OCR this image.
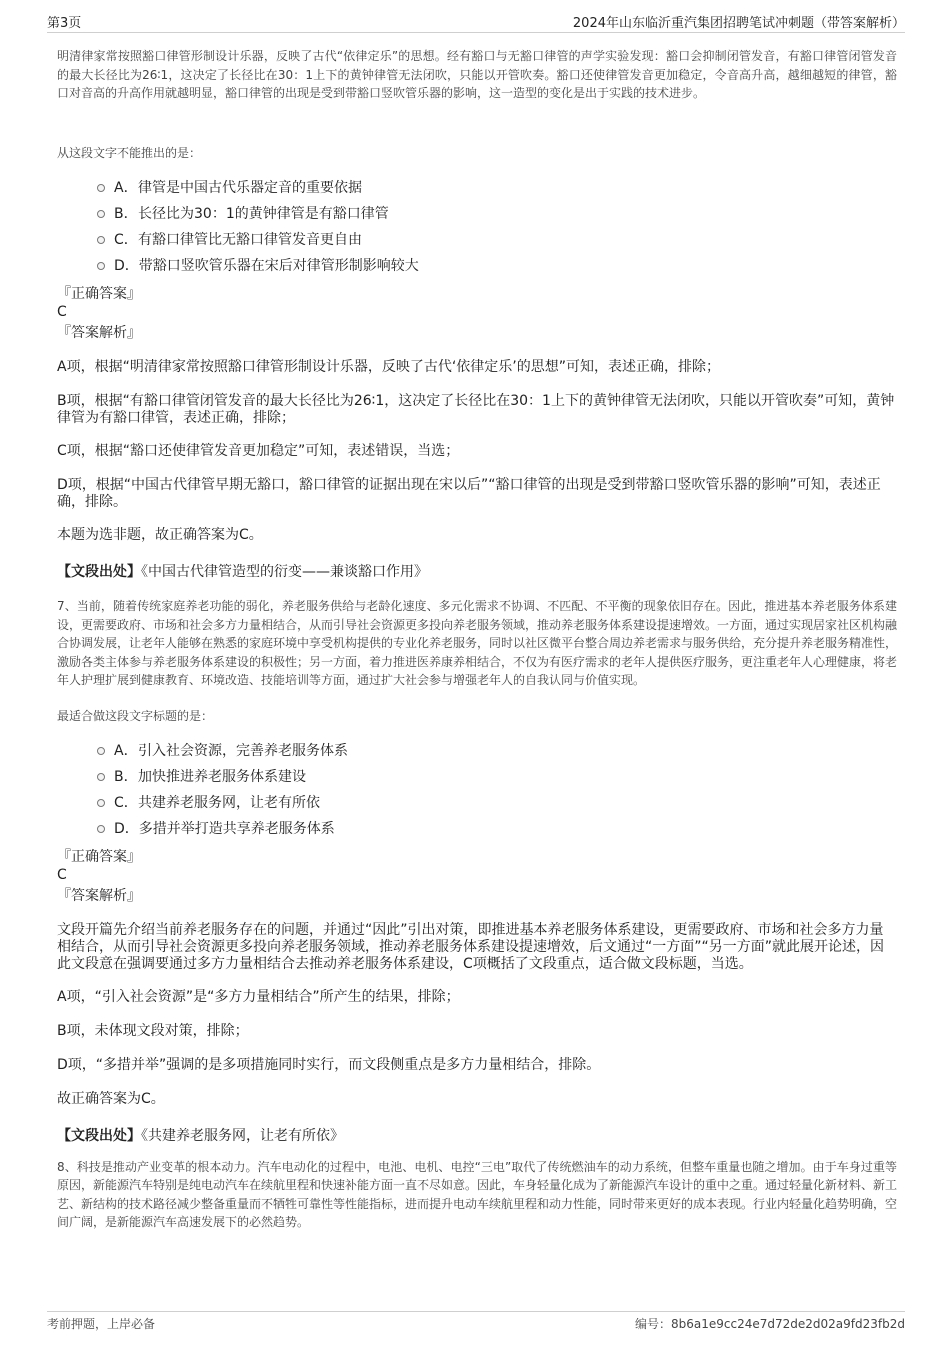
第3页	2024年山东临沂重汽集团招聘笔试冲刺题（带答案解析）

明清律家常按照豁口律管形制设计乐器，反映了古代“依律定乐”的思想。经有豁口与无豁口律管的声学实验发现：豁口会抑制闭管发音，有豁口律管闭管发音的最大长径比为26∶1，这决定了长径比在30：1上下的黄钟律管无法闭吹，只能以开管吹奏。豁口还使律管发音更加稳定，令音高升高，越细越短的律管，豁口对音高的升高作用就越明显，豁口律管的出现是受到带豁口竖吹管乐器的影响，这一造型的变化是出于实践的技术进步。

从这段文字不能推出的是：

A．律管是中国古代乐器定音的重要依据
B．长径比为30：1的黄钟律管是有豁口律管
C．有豁口律管比无豁口律管发音更自由
D．带豁口竖吹管乐器在宋后对律管形制影响较大

『正确答案』

C

『答案解析』

A项，根据“明清律家常按照豁口律管形制设计乐器，反映了古代‘依律定乐’的思想”可知，表述正确，排除；

B项，根据“有豁口律管闭管发音的最大长径比为26∶1，这决定了长径比在30：1上下的黄钟律管无法闭吹，只能以开管吹奏”可知，黄钟律管为有豁口律管，表述正确，排除；

C项，根据“豁口还使律管发音更加稳定”可知，表述错误，当选；

D项，根据“中国古代律管早期无豁口，豁口律管的证据出现在宋以后”“豁口律管的出现是受到带豁口竖吹管乐器的影响”可知，表述正确，排除。

本题为选非题，故正确答案为C。

【文段出处】《中国古代律管造型的衍变——兼谈豁口作用》

7、当前，随着传统家庭养老功能的弱化，养老服务供给与老龄化速度、多元化需求不协调、不匹配、不平衡的现象依旧存在。因此，推进基本养老服务体系建设，更需要政府、市场和社会多方力量相结合，从而引导社会资源更多投向养老服务领域，推动养老服务体系建设提速增效。一方面，通过实现居家社区机构融合协调发展，让老年人能够在熟悉的家庭环境中享受机构提供的专业化养老服务，同时以社区微平台整合周边养老需求与服务供给，充分提升养老服务精准性，激励各类主体参与养老服务体系建设的积极性；另一方面，着力推进医养康养相结合，不仅为有医疗需求的老年人提供医疗服务，更注重老年人心理健康，将老年人护理扩展到健康教育、环境改造、技能培训等方面，通过扩大社会参与增强老年人的自我认同与价值实现。

最适合做这段文字标题的是：

A．引入社会资源，完善养老服务体系
B．加快推进养老服务体系建设
C．共建养老服务网，让老有所依
D．多措并举打造共享养老服务体系

『正确答案』

C

『答案解析』

文段开篇先介绍当前养老服务存在的问题，并通过“因此”引出对策，即推进基本养老服务体系建设，更需要政府、市场和社会多方力量相结合，从而引导社会资源更多投向养老服务领域，推动养老服务体系建设提速增效，后文通过“一方面”“另一方面”就此展开论述，因此文段意在强调要通过多方力量相结合去推动养老服务体系建设，C项概括了文段重点，适合做文段标题，当选。

A项，“引入社会资源”是“多方力量相结合”所产生的结果，排除；

B项，未体现文段对策，排除；

D项，“多措并举”强调的是多项措施同时实行，而文段侧重点是多方力量相结合，排除。

故正确答案为C。

【文段出处】《共建养老服务网，让老有所依》

8、科技是推动产业变革的根本动力。汽车电动化的过程中，电池、电机、电控“三电”取代了传统燃油车的动力系统，但整车重量也随之增加。由于车身过重等原因，新能源汽车特别是纯电动汽车在续航里程和快速补能方面一直不尽如意。因此，车身轻量化成为了新能源汽车设计的重中之重。通过轻量化新材料、新工艺、新结构的技术路径减少整备重量而不牺牲可靠性等性能指标，进而提升电动车续航里程和动力性能，同时带来更好的成本表现。行业内轻量化趋势明确，空间广阔，是新能源汽车高速发展下的必然趋势。

考前押题，上岸必备	编号：8b6a1e9cc24e7d72de2d02a9fd23fb2d
